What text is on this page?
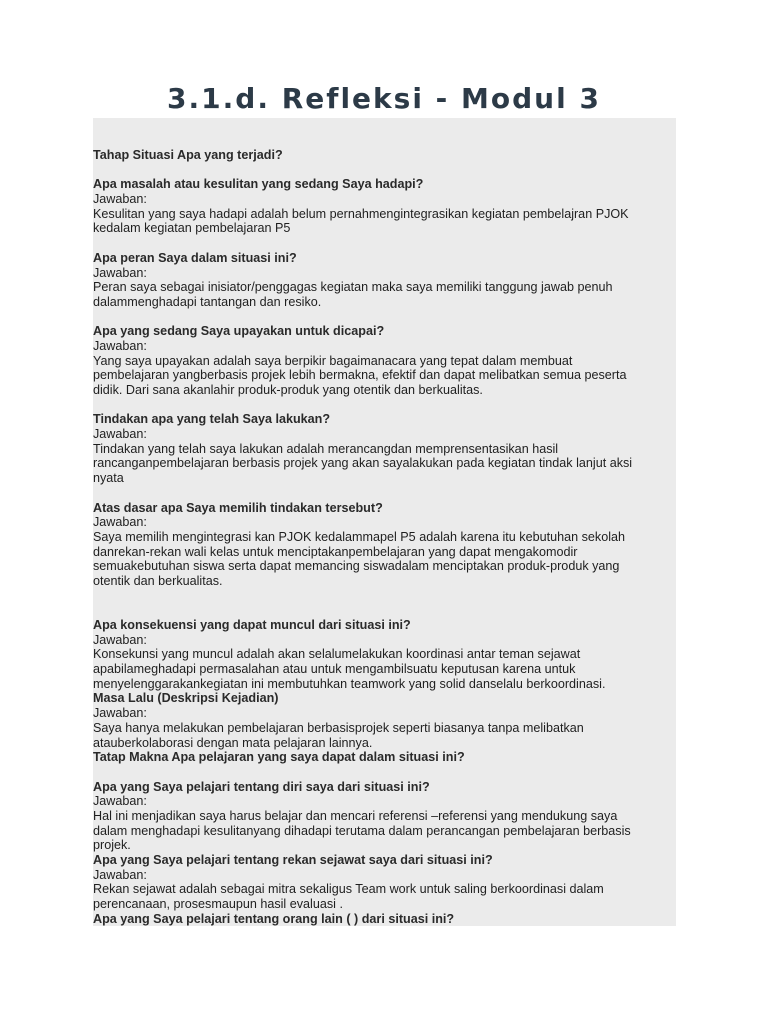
3.1.d. Refleksi - Modul 3
Tahap Situasi Apa yang terjadi?
Apa masalah atau kesulitan yang sedang Saya hadapi?
Jawaban:
Kesulitan yang saya hadapi adalah belum pernahmengintegrasikan kegiatan pembelajran PJOK
kedalam kegiatan pembelajaran P5
Apa peran Saya dalam situasi ini?
Jawaban:
Peran saya sebagai inisiator/penggagas kegiatan maka saya memiliki tanggung jawab penuh
dalammenghadapi tantangan dan resiko.
Apa yang sedang Saya upayakan untuk dicapai?
Jawaban:
Yang saya upayakan adalah saya berpikir bagaimanacara yang tepat dalam membuat
pembelajaran yangberbasis projek lebih bermakna, efektif dan dapat melibatkan semua peserta
didik. Dari sana akanlahir produk-produk yang otentik dan berkualitas.
Tindakan apa yang telah Saya lakukan?
Jawaban:
Tindakan yang telah saya lakukan adalah merancangdan memprensentasikan hasil
rancanganpembelajaran berbasis projek yang akan sayalakukan pada kegiatan tindak lanjut aksi
nyata
Atas dasar apa Saya memilih tindakan tersebut?
Jawaban:
Saya memilih mengintegrasi kan PJOK kedalammapel P5 adalah karena itu kebutuhan sekolah
danrekan-rekan wali kelas untuk menciptakanpembelajaran yang dapat mengakomodir
semuakebutuhan siswa serta dapat memancing siswadalam menciptakan produk-produk yang
otentik dan berkualitas.
Apa konsekuensi yang dapat muncul dari situasi ini?
Jawaban:
Konsekunsi yang muncul adalah akan selalumelakukan koordinasi antar teman sejawat
apabilameghadapi permasalahan atau untuk mengambilsuatu keputusan karena untuk
menyelenggarakankegiatan ini membutuhkan teamwork yang solid danselalu berkoordinasi.
Masa Lalu (Deskripsi Kejadian)
Jawaban:
Saya hanya melakukan pembelajaran berbasisprojek seperti biasanya tanpa melibatkan
atauberkolaborasi dengan mata pelajaran lainnya.
Tatap Makna Apa pelajaran yang saya dapat dalam situasi ini?
Apa yang Saya pelajari tentang diri saya dari situasi ini?
Jawaban:
Hal ini menjadikan saya harus belajar dan mencari referensi –referensi yang mendukung saya
dalam menghadapi kesulitanyang dihadapi terutama dalam perancangan pembelajaran berbasis
projek.
Apa yang Saya pelajari tentang rekan sejawat saya dari situasi ini?
Jawaban:
Rekan sejawat adalah sebagai mitra sekaligus Team work untuk saling berkoordinasi dalam
perencanaan, prosesmaupun hasil evaluasi .
Apa yang Saya pelajari tentang orang lain ( ) dari situasi ini?
